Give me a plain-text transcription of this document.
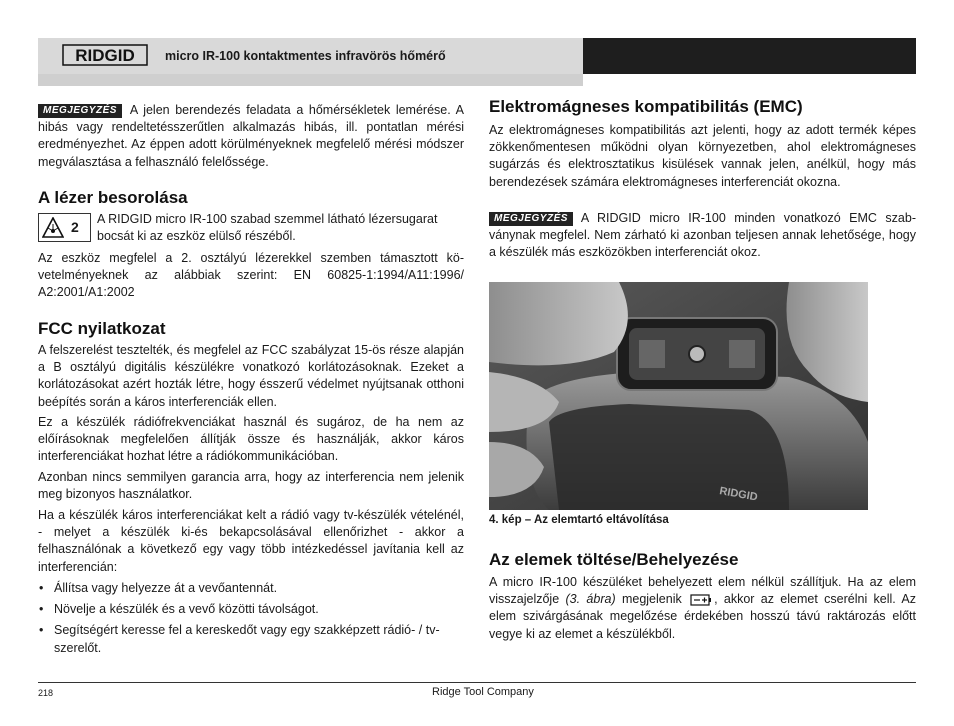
RIDGID micro IR-100 kontaktmentes infravörös hőmérő
MEGJEGYZÉS A jelen berendezés feladata a hőmérsékletek lemérése. A hibás vagy rendeltetésszerűtlen alkalmazás hibás, ill. pontatlan mérési eredményezhet. Az éppen adott körülményeknek megfelelő mérési módszer megválasztása a felhasználó felelőssége.
A lézer besorolása
2 A RIDGID micro IR-100 szabad szemmel látható lézersugarat bocsát ki az eszköz elülső részéből.
Az eszköz megfelel a 2. osztályú lézerekkel szemben támasztott követelményeknek az alábbiak szerint: EN 60825-1:1994/A11:1996/ A2:2001/A1:2002
FCC nyilatkozat
A felszerelést tesztelték, és megfelel az FCC szabályzat 15-ös része alapján a B osztályú digitális készülékre vonatkozó korlátozásoknak. Ezeket a korlátozásokat azért hozták létre, hogy ésszerű védelmet nyújtsanak otthoni beépítés során a káros interferenciák ellen.
Ez a készülék rádiófrekvenciákat használ és sugároz, de ha nem az előírásoknak megfelelően állítják össze és használják, akkor káros interferenciákat hozhat létre a rádiókommunikációban.
Azonban nincs semmilyen garancia arra, hogy az interferencia nem jelenik meg bizonyos használatkor.
Ha a készülék káros interferenciákat kelt a rádió vagy tv-készülék vételénél, - melyet a készülék ki-és bekapcsolásával ellenőrizhet - akkor a felhasználónak a következő egy vagy több intézkedéssel javítania kell az interferencián:
• Állítsa vagy helyezze át a vevőantennát.
• Növelje a készülék és a vevő közötti távolságot.
• Segítségért keresse fel a kereskedőt vagy egy szakképzett rádió- / tv-szerelőt.
Elektromágneses kompatibilitás (EMC)
Az elektromágneses kompatibilitás azt jelenti, hogy az adott termék képes zökkenőmentesen működni olyan környezetben, ahol elektromágneses sugárzás és elektrosztatikus kisülések vannak jelen, anélkül, hogy más berendezések számára elektromágneses interferenciát okozna.
MEGJEGYZÉS A RIDGID micro IR-100 minden vonatkozó EMC szabványnak megfelel. Nem zárható ki azonban teljesen annak lehetősége, hogy a készülék más eszközökben interferenciát okoz.
RIDGID
4. kép – Az elemtartó eltávolítása
Az elemek töltése/Behelyezése
A micro IR-100 készüléket behelyezett elem nélkül szállítjuk. Ha az elem visszajelzője (3. ábra) megjelenik	, akkor az elemet cserélni kell. Az elem szivárgásának megelőzése érdekében hosszú távú raktározás előtt vegye ki az elemet a készülékből.
218	Ridge Tool Company
